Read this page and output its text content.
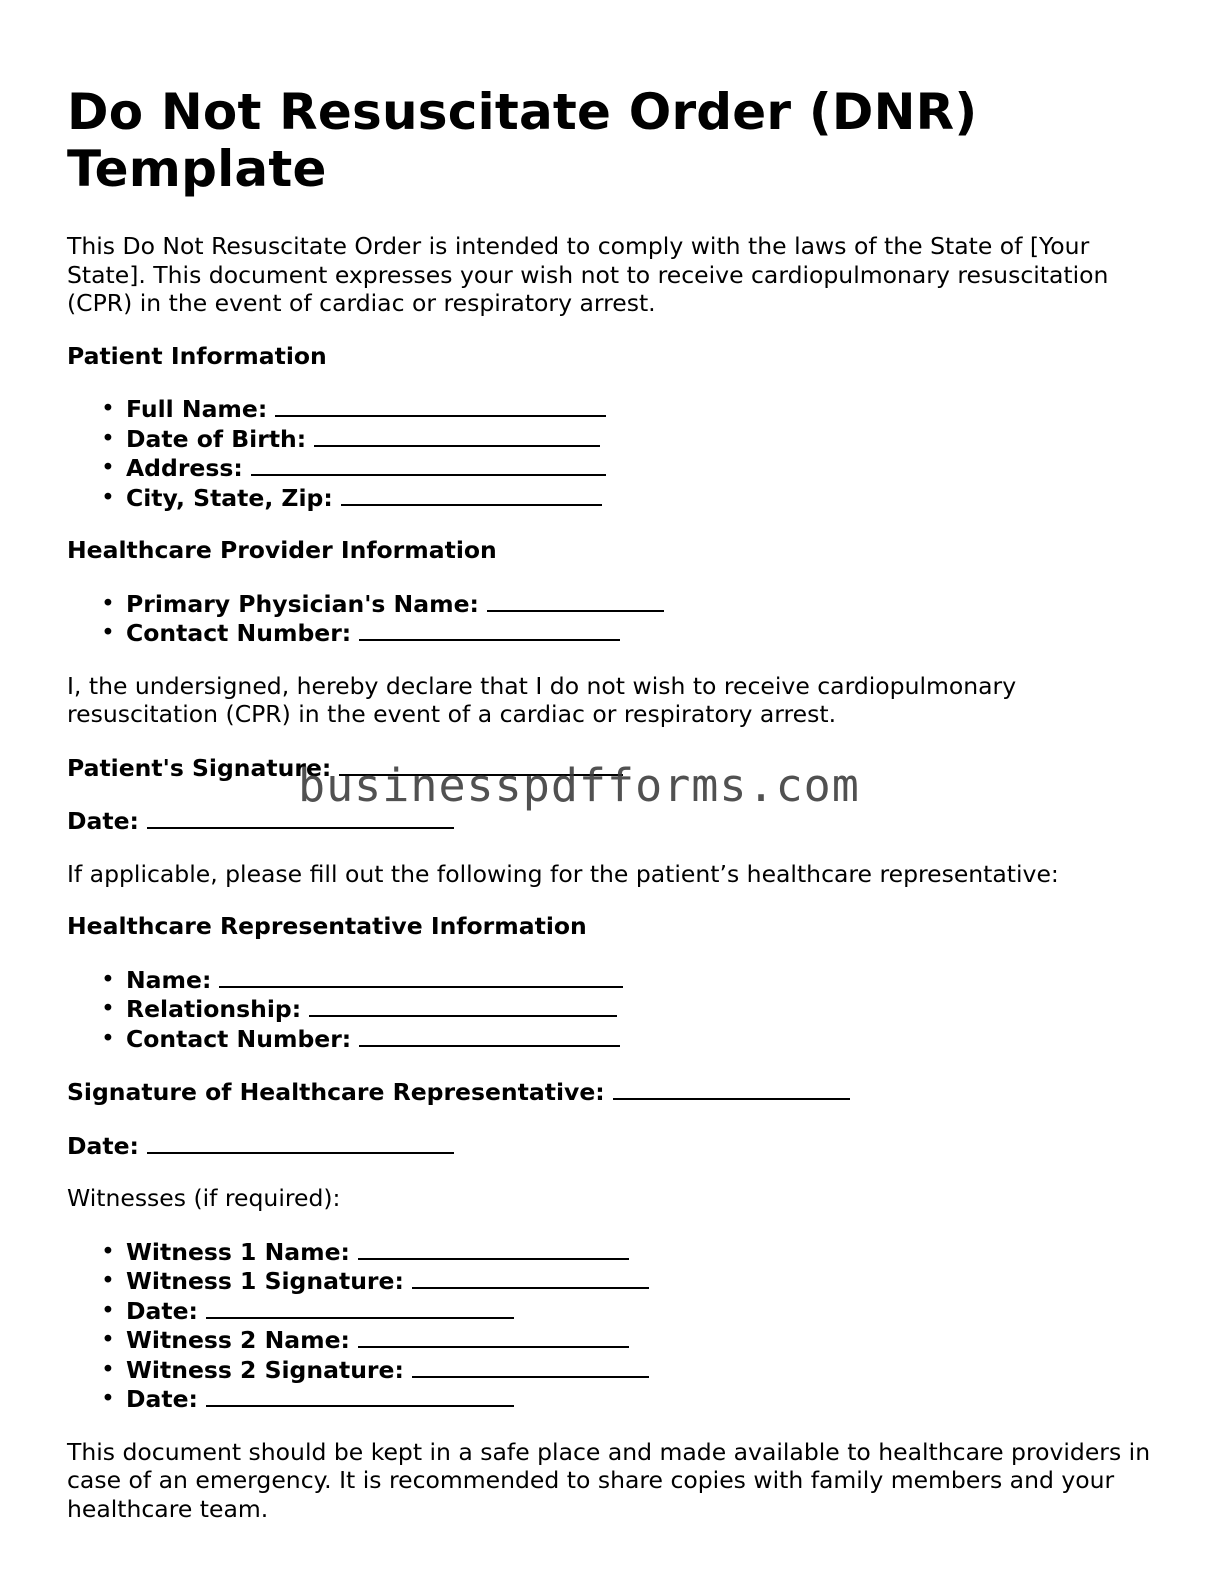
Do Not Resuscitate Order (DNR) Template

This Do Not Resuscitate Order is intended to comply with the laws of the State of [Your State]. This document expresses your wish not to receive cardiopulmonary resuscitation (CPR) in the event of cardiac or respiratory arrest.

Patient Information
• Full Name:
• Date of Birth:
• Address:
• City, State, Zip:
Healthcare Provider Information
• Primary Physician's Name:
• Contact Number:

I, the undersigned, hereby declare that I do not wish to receive cardiopulmonary resuscitation (CPR) in the event of a cardiac or respiratory arrest.

Patient's Signature:
Date:

If applicable, please fill out the following for the patient’s healthcare representative:

Healthcare Representative Information
• Name:
• Relationship:
• Contact Number:
Signature of Healthcare Representative:
Date:

Witnesses (if required):

• Witness 1 Name:
• Witness 1 Signature:
• Date:
• Witness 2 Name:
• Witness 2 Signature:
• Date:

This document should be kept in a safe place and made available to healthcare providers in case of an emergency. It is recommended to share copies with family members and your healthcare team.

businesspdfforms.com
